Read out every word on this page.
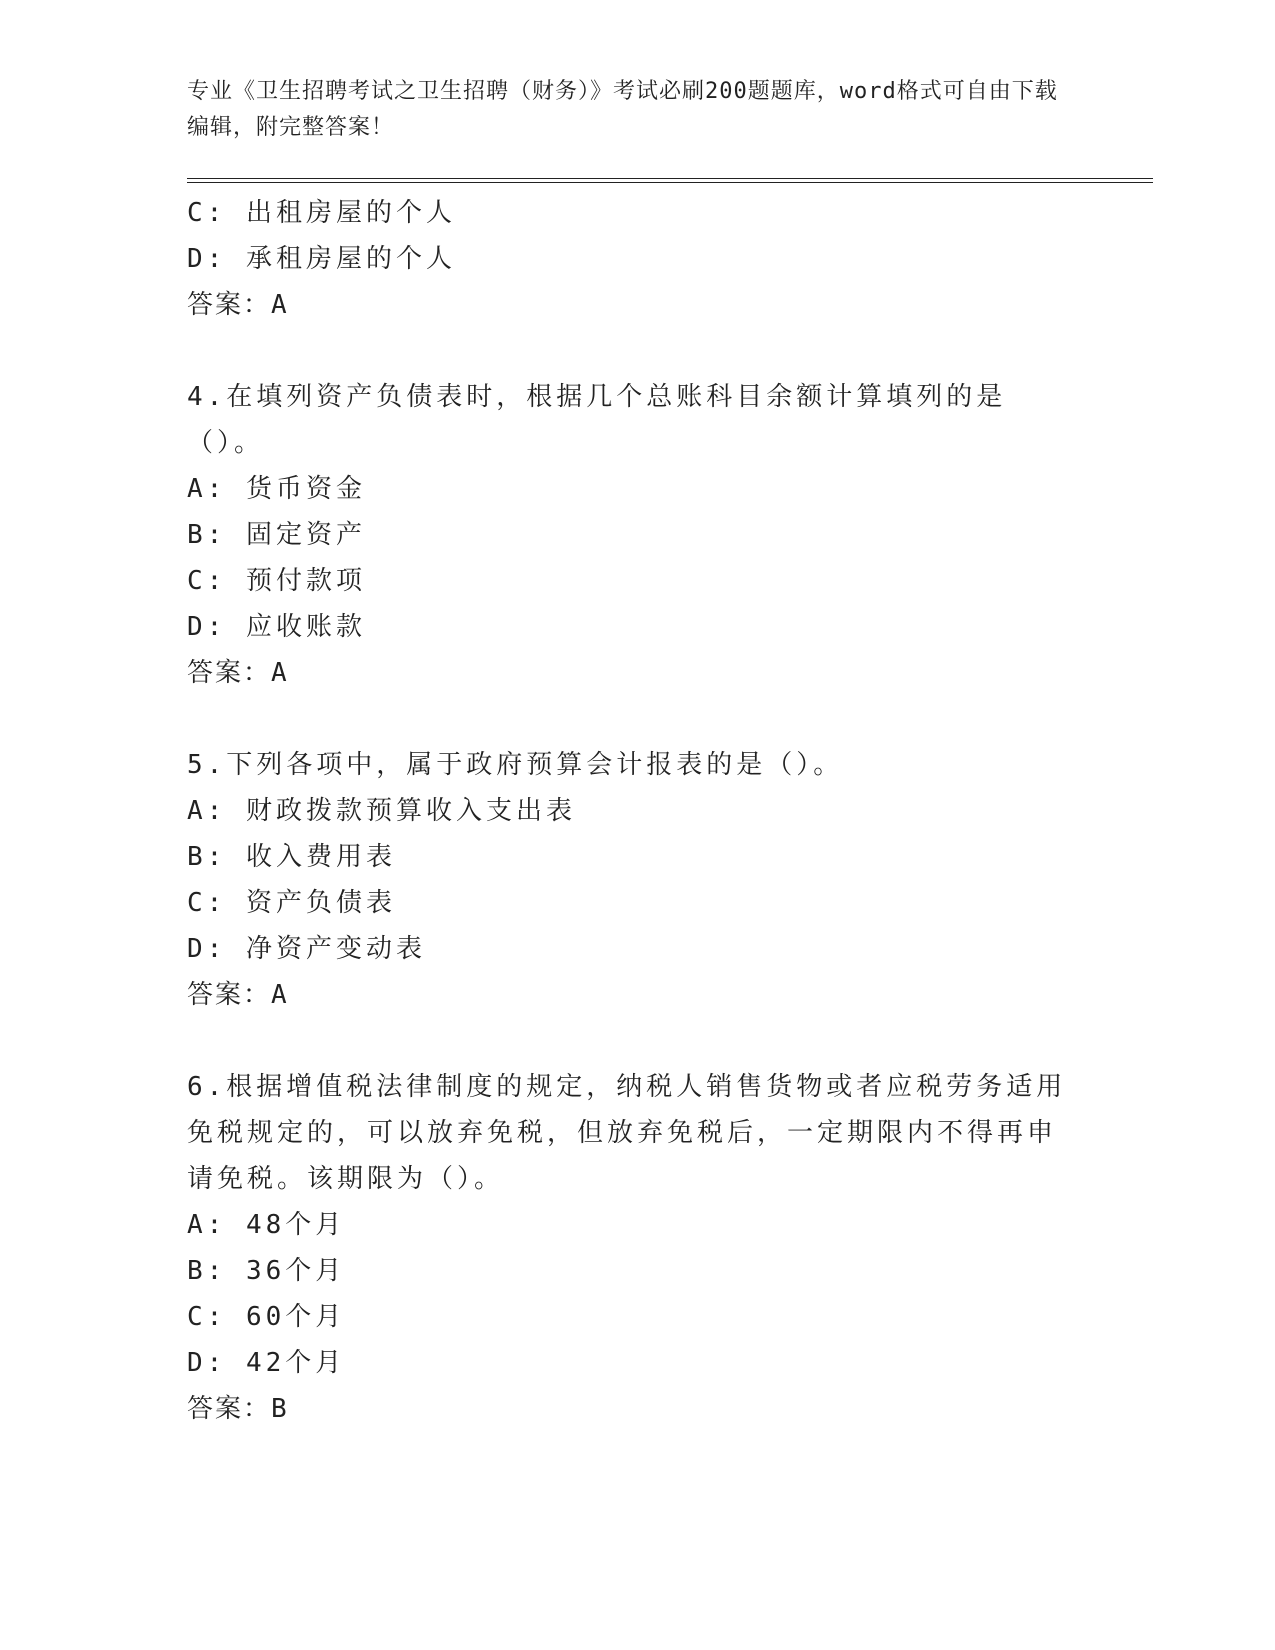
专业《卫生招聘考试之卫生招聘（财务）》考试必刷200题题库，word格式可自由下载编辑，附完整答案！
C: 出租房屋的个人
D: 承租房屋的个人
答案：A
4.在填列资产负债表时，根据几个总账科目余额计算填列的是（）。
A: 货币资金
B: 固定资产
C: 预付款项
D: 应收账款
答案：A
5.下列各项中，属于政府预算会计报表的是（）。
A: 财政拨款预算收入支出表
B: 收入费用表
C: 资产负债表
D: 净资产变动表
答案：A
6.根据增值税法律制度的规定，纳税人销售货物或者应税劳务适用免税规定的，可以放弃免税，但放弃免税后，一定期限内不得再申请免税。该期限为（）。
A: 48个月
B: 36个月
C: 60个月
D: 42个月
答案：B
